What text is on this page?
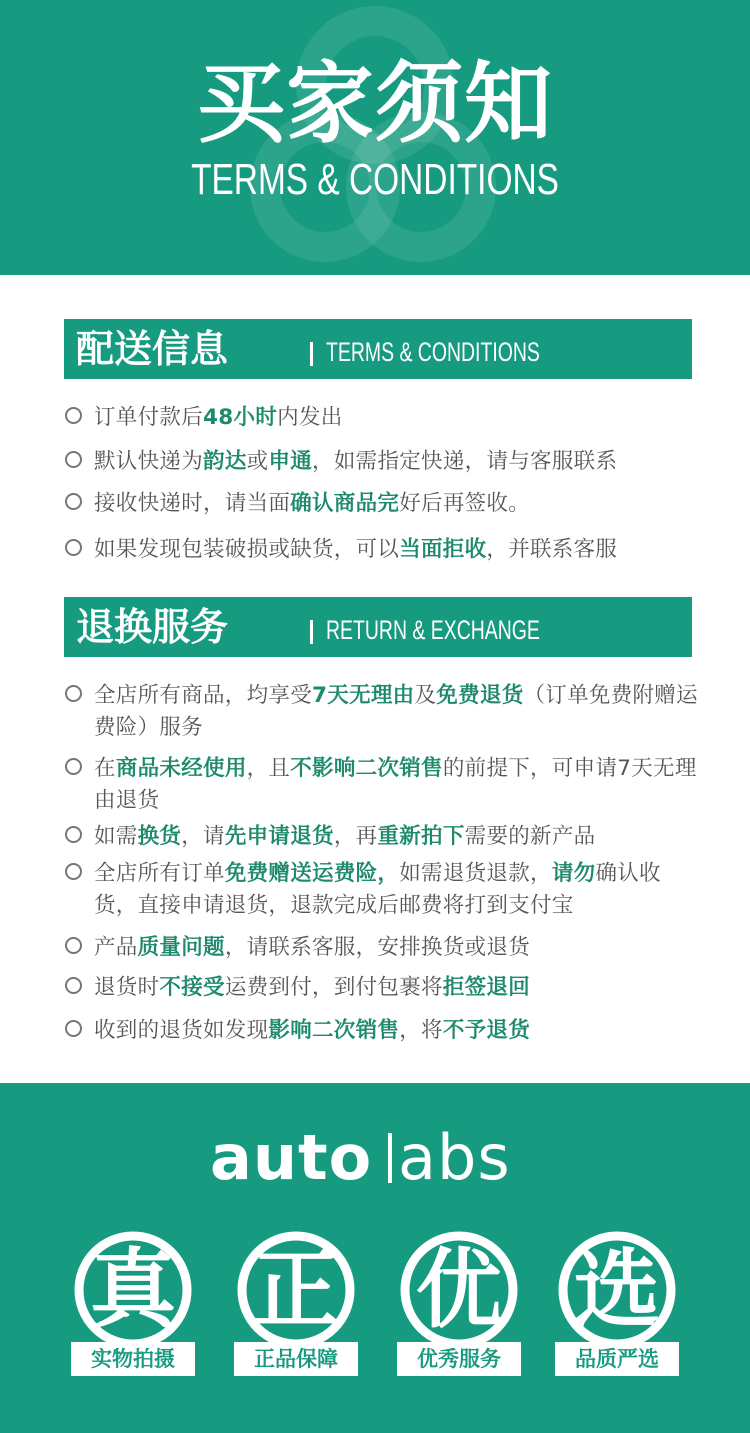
买家须知
TERMS & CONDITIONS
配送信息	TERMS & CONDITIONS
订单付款后48小时内发出
默认快递为韵达或申通，如需指定快递，请与客服联系
接收快递时，请当面确认商品完好后再签收。
如果发现包装破损或缺货，可以当面拒收，并联系客服
退换服务	RETURN & EXCHANGE
全店所有商品，均享受7天无理由及免费退货（订单免费附赠运费险）服务
在商品未经使用，且不影响二次销售的前提下，可申请7天无理由退货
如需换货，请先申请退货，再重新拍下需要的新产品
全店所有订单免费赠送运费险，如需退货退款，请勿确认收货，直接申请退货，退款完成后邮费将打到支付宝
产品质量问题，请联系客服，安排换货或退货
退货时不接受运费到付，到付包裹将拒签退回
收到的退货如发现影响二次销售，将不予退货
auto abs
真
实物拍摄
正
正品保障
优
优秀服务
选
品质严选
